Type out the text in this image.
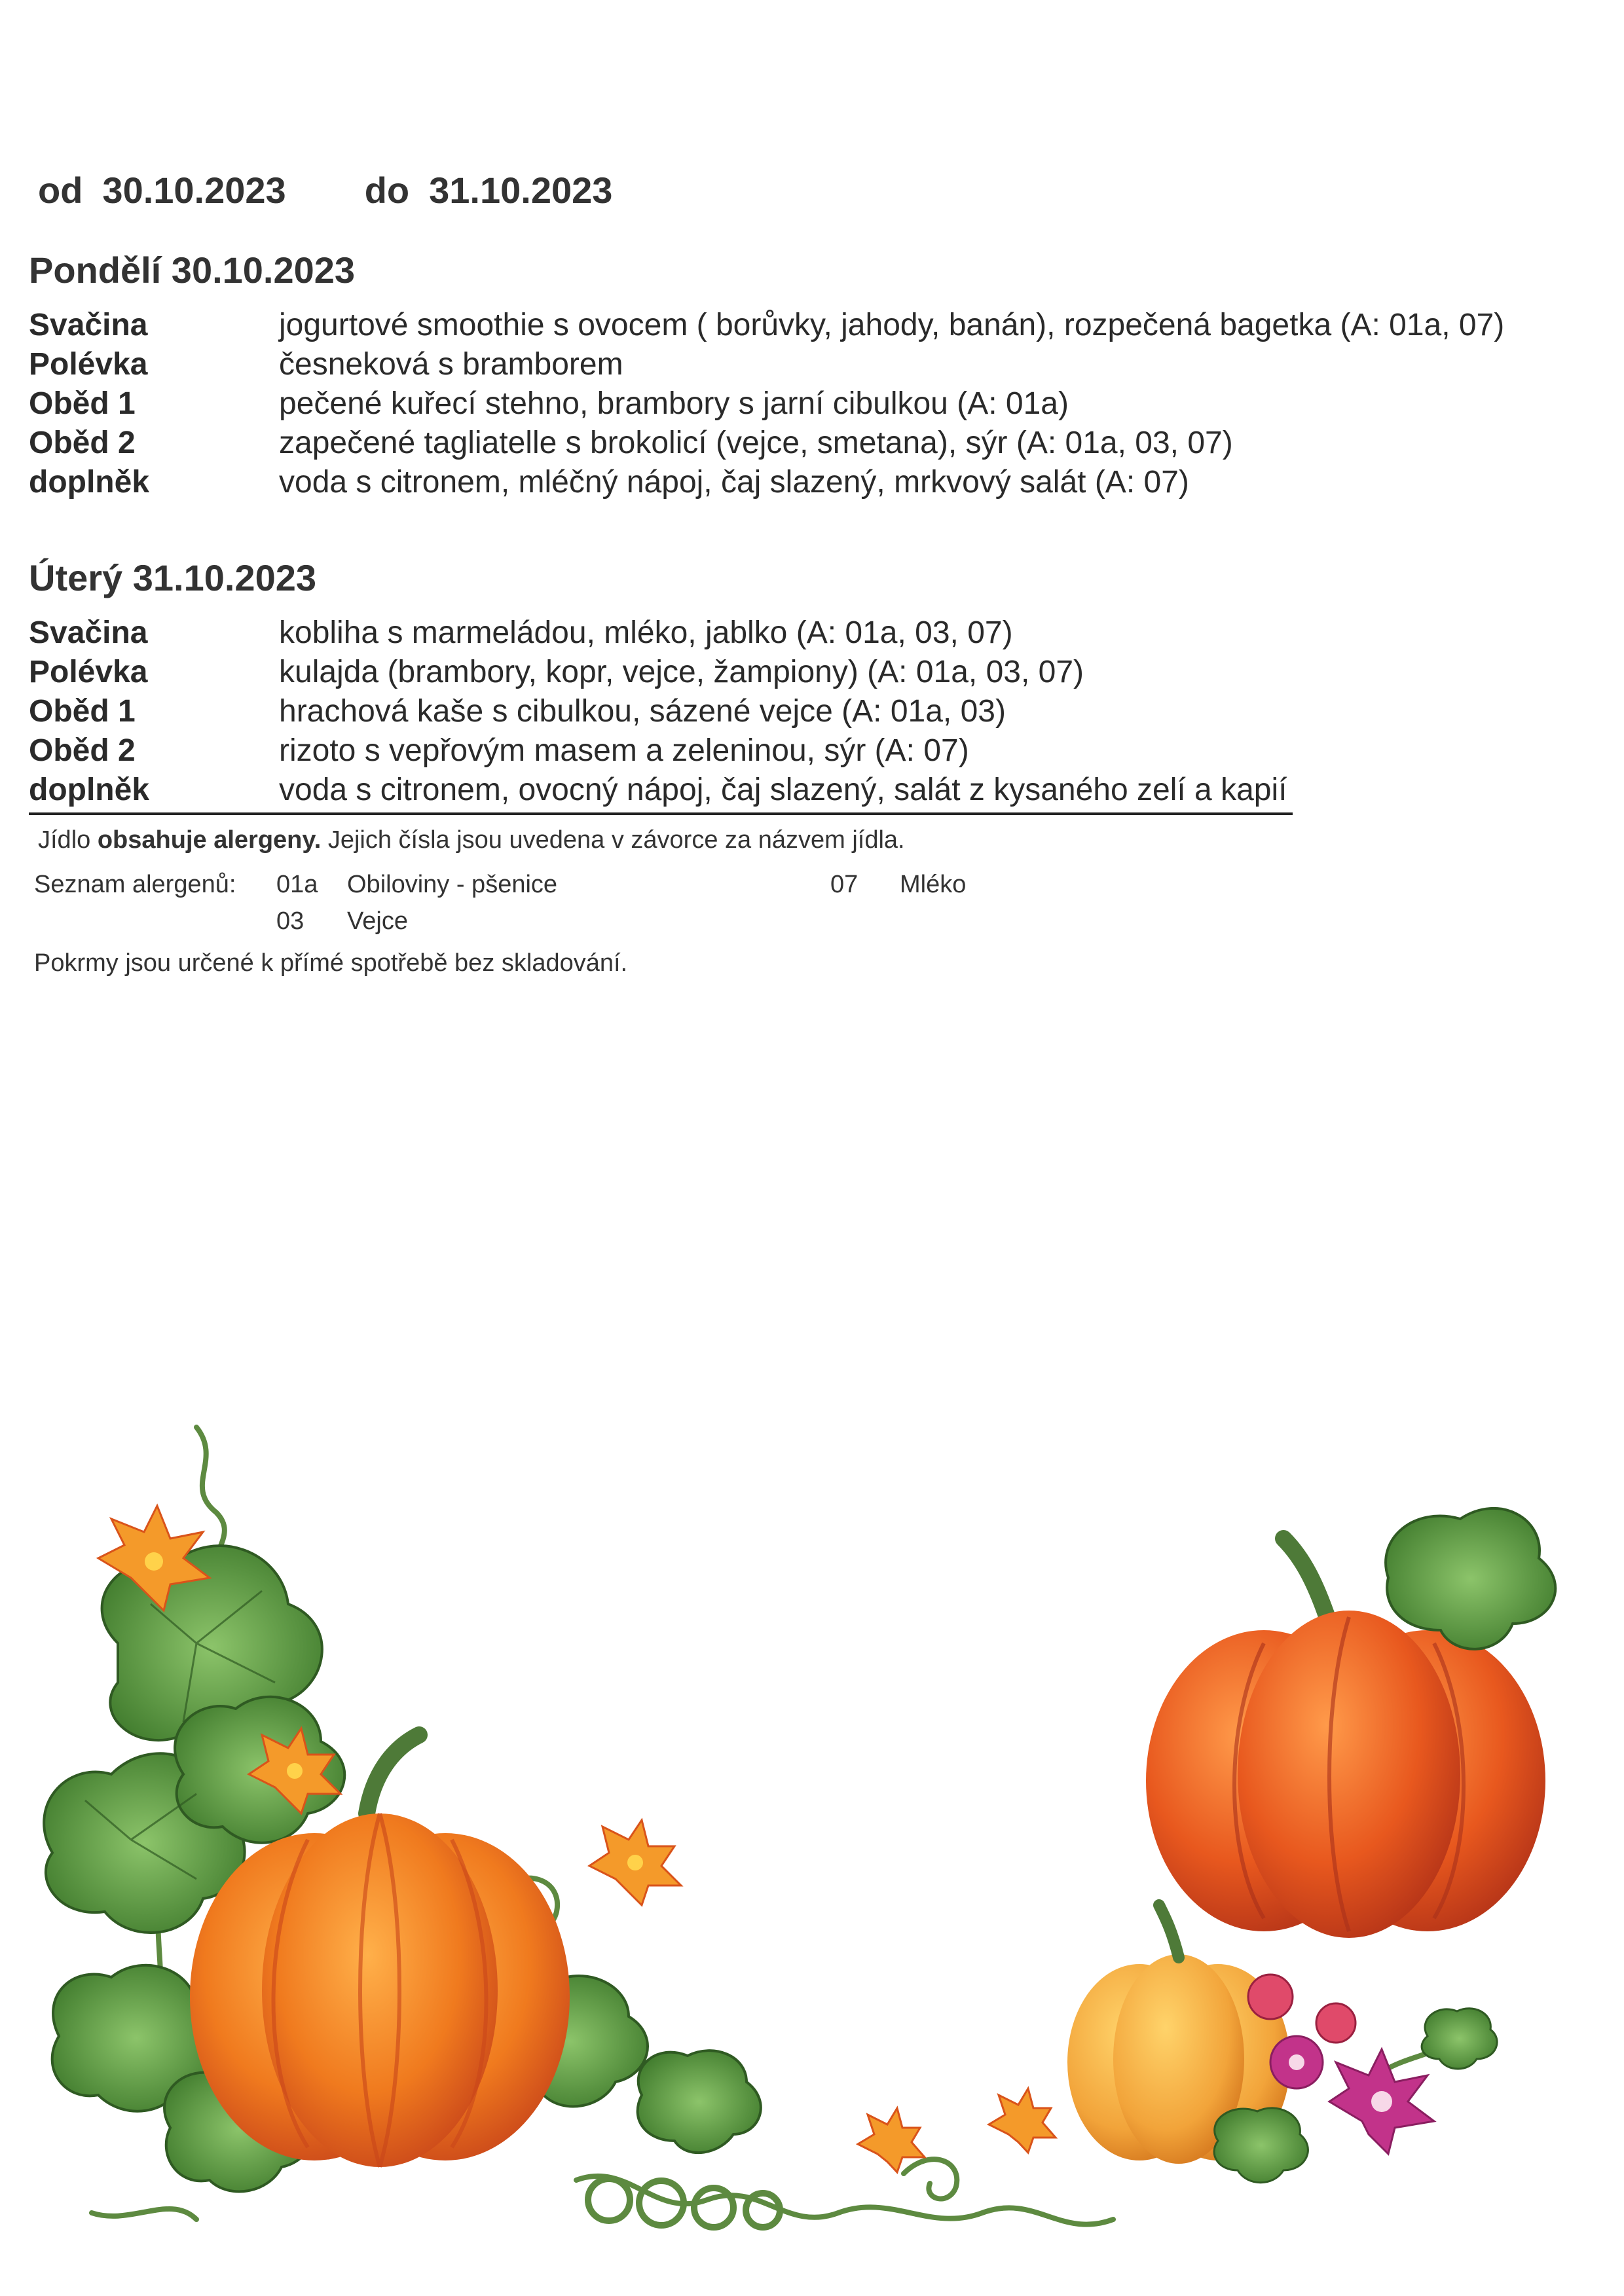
od 30.10.2023 do 31.10.2023
Pondělí 30.10.2023
Svačina	jogurtové smoothie s ovocem ( borůvky, jahody, banán), rozpečená bagetka (A: 01a, 07)
Polévka	česneková s bramborem
Oběd 1	pečené kuřecí stehno, brambory s jarní cibulkou (A: 01a)
Oběd 2	zapečené tagliatelle s brokolicí (vejce, smetana), sýr (A: 01a, 03, 07)
doplněk	voda s citronem, mléčný nápoj, čaj slazený, mrkvový salát (A: 07)
Úterý 31.10.2023
Svačina	kobliha s marmeládou, mléko, jablko (A: 01a, 03, 07)
Polévka	kulajda (brambory, kopr, vejce, žampiony) (A: 01a, 03, 07)
Oběd 1	hrachová kaše s cibulkou, sázené vejce (A: 01a, 03)
Oběd 2	rizoto s vepřovým masem a zeleninou, sýr (A: 07)
doplněk	voda s citronem, ovocný nápoj, čaj slazený, salát z kysaného zelí a kapií
Jídlo obsahuje alergeny. Jejich čísla jsou uvedena v závorce za názvem jídla.
Seznam alergenů: 01a Obiloviny - pšenice	07 Mléko
03 Vejce
Pokrmy jsou určené k přímé spotřebě bez skladování.
